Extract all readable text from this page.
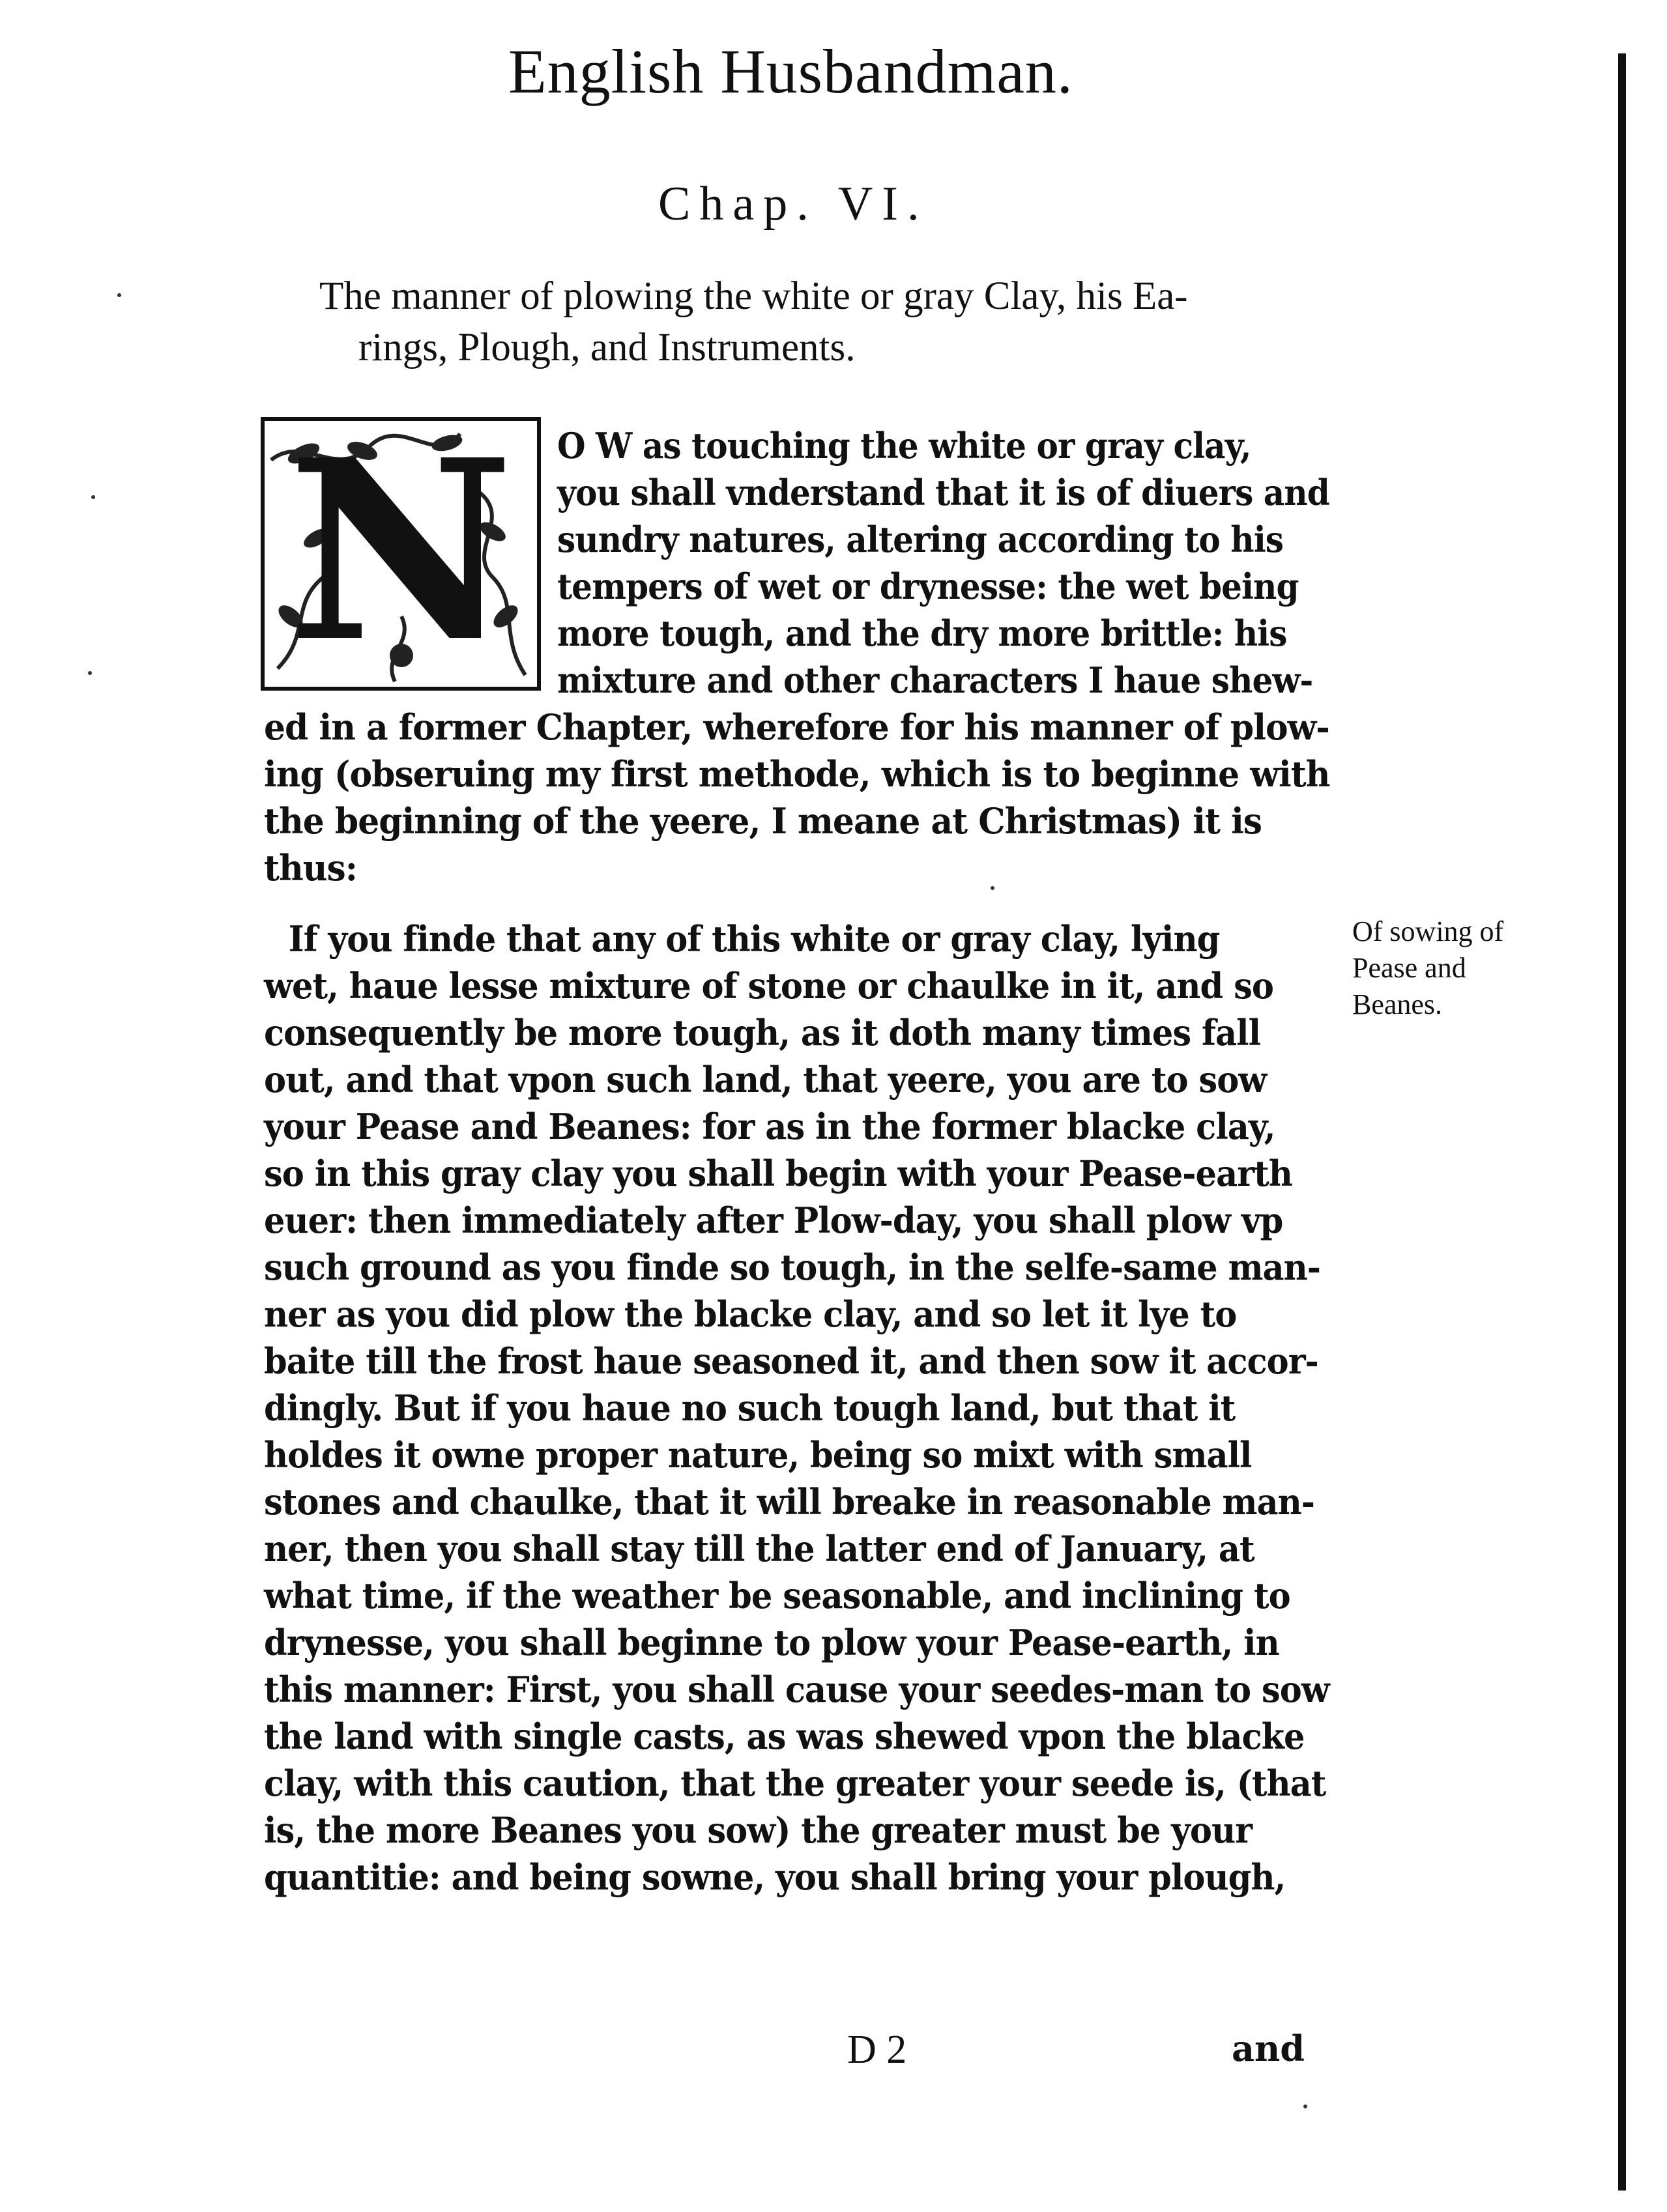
English Husbandman.
Chap. VI.
The manner of plowing the white or gray Clay, his Ea-
rings, Plough, and Instruments.
N	O W as touching the white or gray clay,
you shall vnderstand that it is of diuers and
sundry natures, altering according to his
tempers of wet or drynesse: the wet being
more tough, and the dry more brittle: his
mixture and other characters I haue shew-
ed in a former Chapter, wherefore for his manner of plow-
ing (obseruing my first methode, which is to beginne with
the beginning of the yeere, I meane at Christmas) it is
thus:
If you finde that any of this white or gray clay, lying
wet, haue lesse mixture of stone or chaulke in it, and so
consequently be more tough, as it doth many times fall
out, and that vpon such land, that yeere, you are to sow
your Pease and Beanes: for as in the former blacke clay,
so in this gray clay you shall begin with your Pease-earth
euer: then immediately after Plow-day, you shall plow vp
such ground as you finde so tough, in the selfe-same man-
ner as you did plow the blacke clay, and so let it lye to
baite till the frost haue seasoned it, and then sow it accor-
dingly. But if you haue no such tough land, but that it
holdes it owne proper nature, being so mixt with small
stones and chaulke, that it will breake in reasonable man-
ner, then you shall stay till the latter end of January, at
what time, if the weather be seasonable, and inclining to
drynesse, you shall beginne to plow your Pease-earth, in
this manner: First, you shall cause your seedes-man to sow
the land with single casts, as was shewed vpon the blacke
clay, with this caution, that the greater your seede is, (that
is, the more Beanes you sow) the greater must be your
quantitie: and being sowne, you shall bring your plough,
Of sowing of
Pease and
Beanes.
D 2	and
